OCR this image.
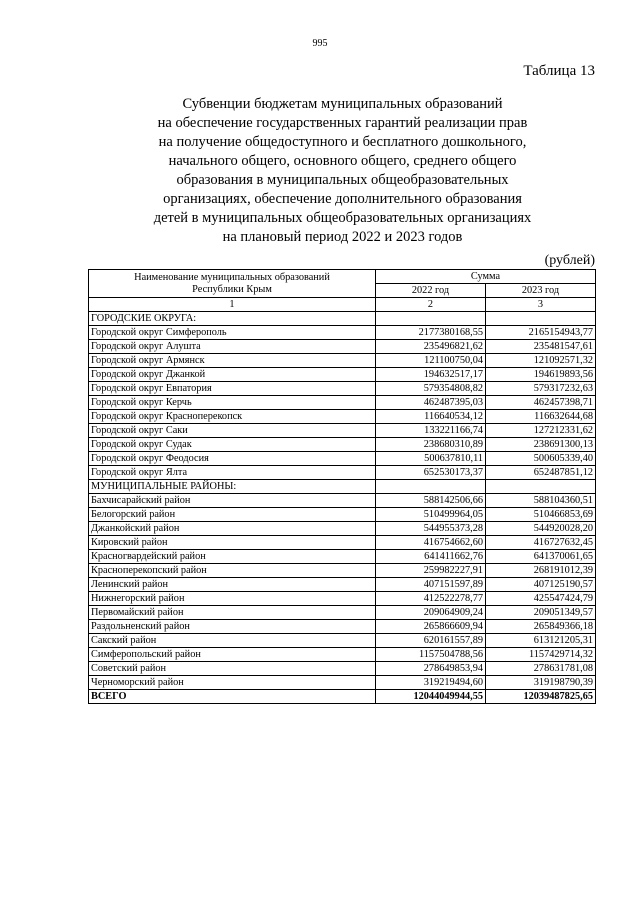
995
Таблица 13
Субвенции бюджетам муниципальных образований
на обеспечение государственных гарантий реализации прав
на получение общедоступного и бесплатного дошкольного,
начального общего, основного общего, среднего общего
образования в муниципальных общеобразовательных
организациях, обеспечение дополнительного образования
детей в муниципальных общеобразовательных организациях
на плановый период 2022 и 2023 годов
(рублей)
Наименование муниципальных образований
Республики Крым	Сумма	
	2022 год	2023 год
1	2	3
ГОРОДСКИЕ ОКРУГА:		
Городской округ Симферополь	2177380168,55	2165154943,77
Городской округ Алушта	235496821,62	235481547,61
Городской округ Армянск	121100750,04	121092571,32
Городской округ Джанкой	194632517,17	194619893,56
Городской округ Евпатория	579354808,82	579317232,63
Городской округ Керчь	462487395,03	462457398,71
Городской округ Красноперекопск	116640534,12	116632644,68
Городской округ Саки	133221166,74	127212331,62
Городской округ Судак	238680310,89	238691300,13
Городской округ Феодосия	500637810,11	500605339,40
Городской округ Ялта	652530173,37	652487851,12
МУНИЦИПАЛЬНЫЕ РАЙОНЫ:		
Бахчисарайский район	588142506,66	588104360,51
Белогорский район	510499964,05	510466853,69
Джанкойский район	544955373,28	544920028,20
Кировский район	416754662,60	416727632,45
Красногвардейский район	641411662,76	641370061,65
Красноперекопский район	259982227,91	268191012,39
Ленинский район	407151597,89	407125190,57
Нижнегорский район	412522278,77	425547424,79
Первомайский район	209064909,24	209051349,57
Раздольненский район	265866609,94	265849366,18
Сакский район	620161557,89	613121205,31
Симферопольский район	1157504788,56	1157429714,32
Советский район	278649853,94	278631781,08
Черноморский район	319219494,60	319198790,39
ВСЕГО	12044049944,55	12039487825,65
